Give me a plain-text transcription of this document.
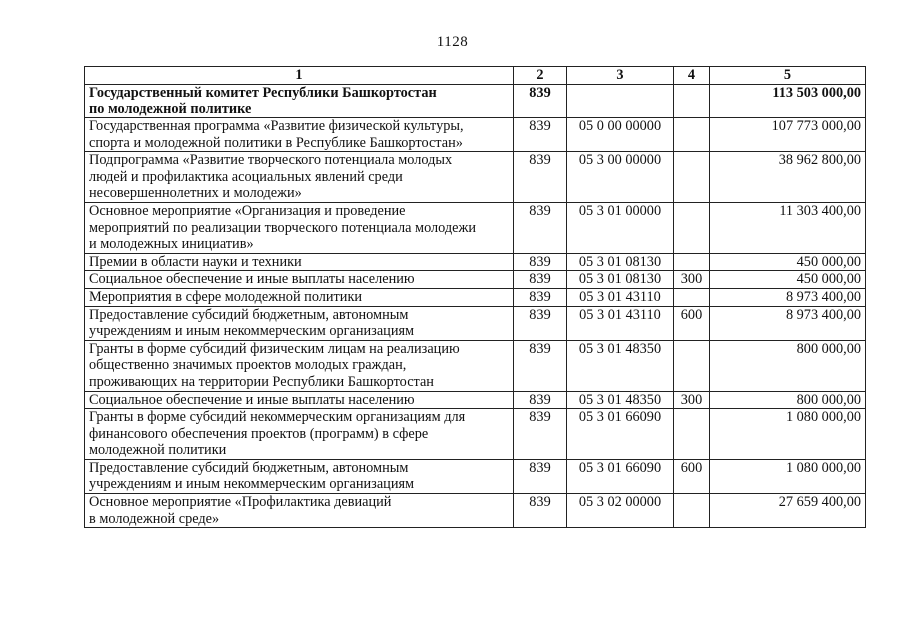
1128
1	2	3	4	5
Государственный комитет Республики Башкортостан
по молодежной политике	839			113 503 000,00
Государственная программа «Развитие физической культуры,
спорта и молодежной политики в Республике Башкортостан»	839	05 0 00 00000		107 773 000,00
Подпрограмма «Развитие творческого потенциала молодых
людей и профилактика асоциальных явлений среди
несовершеннолетних и молодежи»	839	05 3 00 00000		38 962 800,00
Основное мероприятие «Организация и проведение
мероприятий по реализации творческого потенциала молодежи
и молодежных инициатив»	839	05 3 01 00000		11 303 400,00
Премии в области науки и техники	839	05 3 01 08130		450 000,00
Социальное обеспечение и иные выплаты населению	839	05 3 01 08130	300	450 000,00
Мероприятия в сфере молодежной политики	839	05 3 01 43110		8 973 400,00
Предоставление субсидий бюджетным, автономным
учреждениям и иным некоммерческим организациям	839	05 3 01 43110	600	8 973 400,00
Гранты в форме субсидий физическим лицам на реализацию
общественно значимых проектов молодых граждан,
проживающих на территории Республики Башкортостан	839	05 3 01 48350		800 000,00
Социальное обеспечение и иные выплаты населению	839	05 3 01 48350	300	800 000,00
Гранты в форме субсидий некоммерческим организациям для
финансового обеспечения проектов (программ) в сфере
молодежной политики	839	05 3 01 66090		1 080 000,00
Предоставление субсидий бюджетным, автономным
учреждениям и иным некоммерческим организациям	839	05 3 01 66090	600	1 080 000,00
Основное мероприятие «Профилактика девиаций
в молодежной среде»	839	05 3 02 00000		27 659 400,00
